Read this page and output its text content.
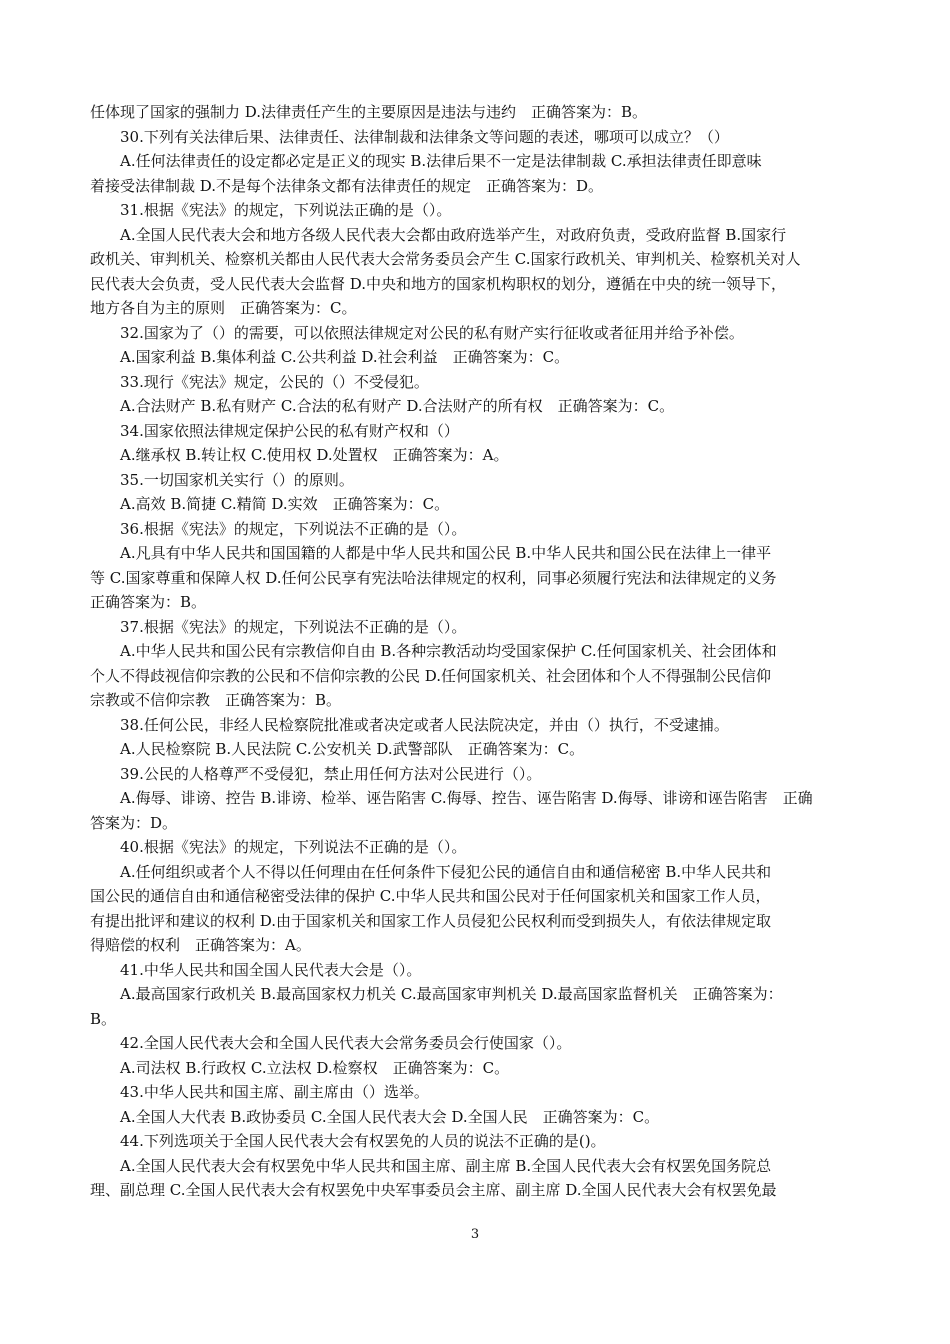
任体现了国家的强制力 D.法律责任产生的主要原因是违法与违约　正确答案为：B。
30.下列有关法律后果、法律责任、法律制裁和法律条文等问题的表述，哪项可以成立？（）
A.任何法律责任的设定都必定是正义的现实 B.法律后果不一定是法律制裁 C.承担法律责任即意味
着接受法律制裁 D.不是每个法律条文都有法律责任的规定　正确答案为：D。
31.根据《宪法》的规定，下列说法正确的是（）。
A.全国人民代表大会和地方各级人民代表大会都由政府选举产生，对政府负责，受政府监督 B.国家行
政机关、审判机关、检察机关都由人民代表大会常务委员会产生 C.国家行政机关、审判机关、检察机关对人
民代表大会负责，受人民代表大会监督 D.中央和地方的国家机构职权的划分，遵循在中央的统一领导下，
地方各自为主的原则　正确答案为：C。
32.国家为了（）的需要，可以依照法律规定对公民的私有财产实行征收或者征用并给予补偿。
A.国家利益 B.集体利益 C.公共利益 D.社会利益　正确答案为：C。
33.现行《宪法》规定，公民的（）不受侵犯。
A.合法财产 B.私有财产 C.合法的私有财产 D.合法财产的所有权　正确答案为：C。
34.国家依照法律规定保护公民的私有财产权和（）
A.继承权 B.转让权 C.使用权 D.处置权　正确答案为：A。
35.一切国家机关实行（）的原则。
A.高效 B.简捷 C.精简 D.实效　正确答案为：C。
36.根据《宪法》的规定，下列说法不正确的是（）。
A.凡具有中华人民共和国国籍的人都是中华人民共和国公民 B.中华人民共和国公民在法律上一律平
等 C.国家尊重和保障人权 D.任何公民享有宪法哈法律规定的权利，同事必须履行宪法和法律规定的义务
正确答案为：B。
37.根据《宪法》的规定，下列说法不正确的是（）。
A.中华人民共和国公民有宗教信仰自由 B.各种宗教活动均受国家保护 C.任何国家机关、社会团体和
个人不得歧视信仰宗教的公民和不信仰宗教的公民 D.任何国家机关、社会团体和个人不得强制公民信仰
宗教或不信仰宗教　正确答案为：B。
38.任何公民，非经人民检察院批准或者决定或者人民法院决定，并由（）执行，不受逮捕。
A.人民检察院 B.人民法院 C.公安机关 D.武警部队　正确答案为：C。
39.公民的人格尊严不受侵犯，禁止用任何方法对公民进行（）。
A.侮辱、诽谤、控告 B.诽谤、检举、诬告陷害 C.侮辱、控告、诬告陷害 D.侮辱、诽谤和诬告陷害　正确
答案为：D。
40.根据《宪法》的规定，下列说法不正确的是（）。
A.任何组织或者个人不得以任何理由在任何条件下侵犯公民的通信自由和通信秘密 B.中华人民共和
国公民的通信自由和通信秘密受法律的保护 C.中华人民共和国公民对于任何国家机关和国家工作人员，
有提出批评和建议的权利 D.由于国家机关和国家工作人员侵犯公民权利而受到损失人，有依法律规定取
得赔偿的权利　正确答案为：A。
41.中华人民共和国全国人民代表大会是（）。
A.最高国家行政机关 B.最高国家权力机关 C.最高国家审判机关 D.最高国家监督机关　正确答案为：
B。
42.全国人民代表大会和全国人民代表大会常务委员会行使国家（）。
A.司法权 B.行政权 C.立法权 D.检察权　正确答案为：C。
43.中华人民共和国主席、副主席由（）选举。
A.全国人大代表 B.政协委员 C.全国人民代表大会 D.全国人民　正确答案为：C。
44.下列选项关于全国人民代表大会有权罢免的人员的说法不正确的是()。
A.全国人民代表大会有权罢免中华人民共和国主席、副主席 B.全国人民代表大会有权罢免国务院总
理、副总理 C.全国人民代表大会有权罢免中央军事委员会主席、副主席 D.全国人民代表大会有权罢免最
3
